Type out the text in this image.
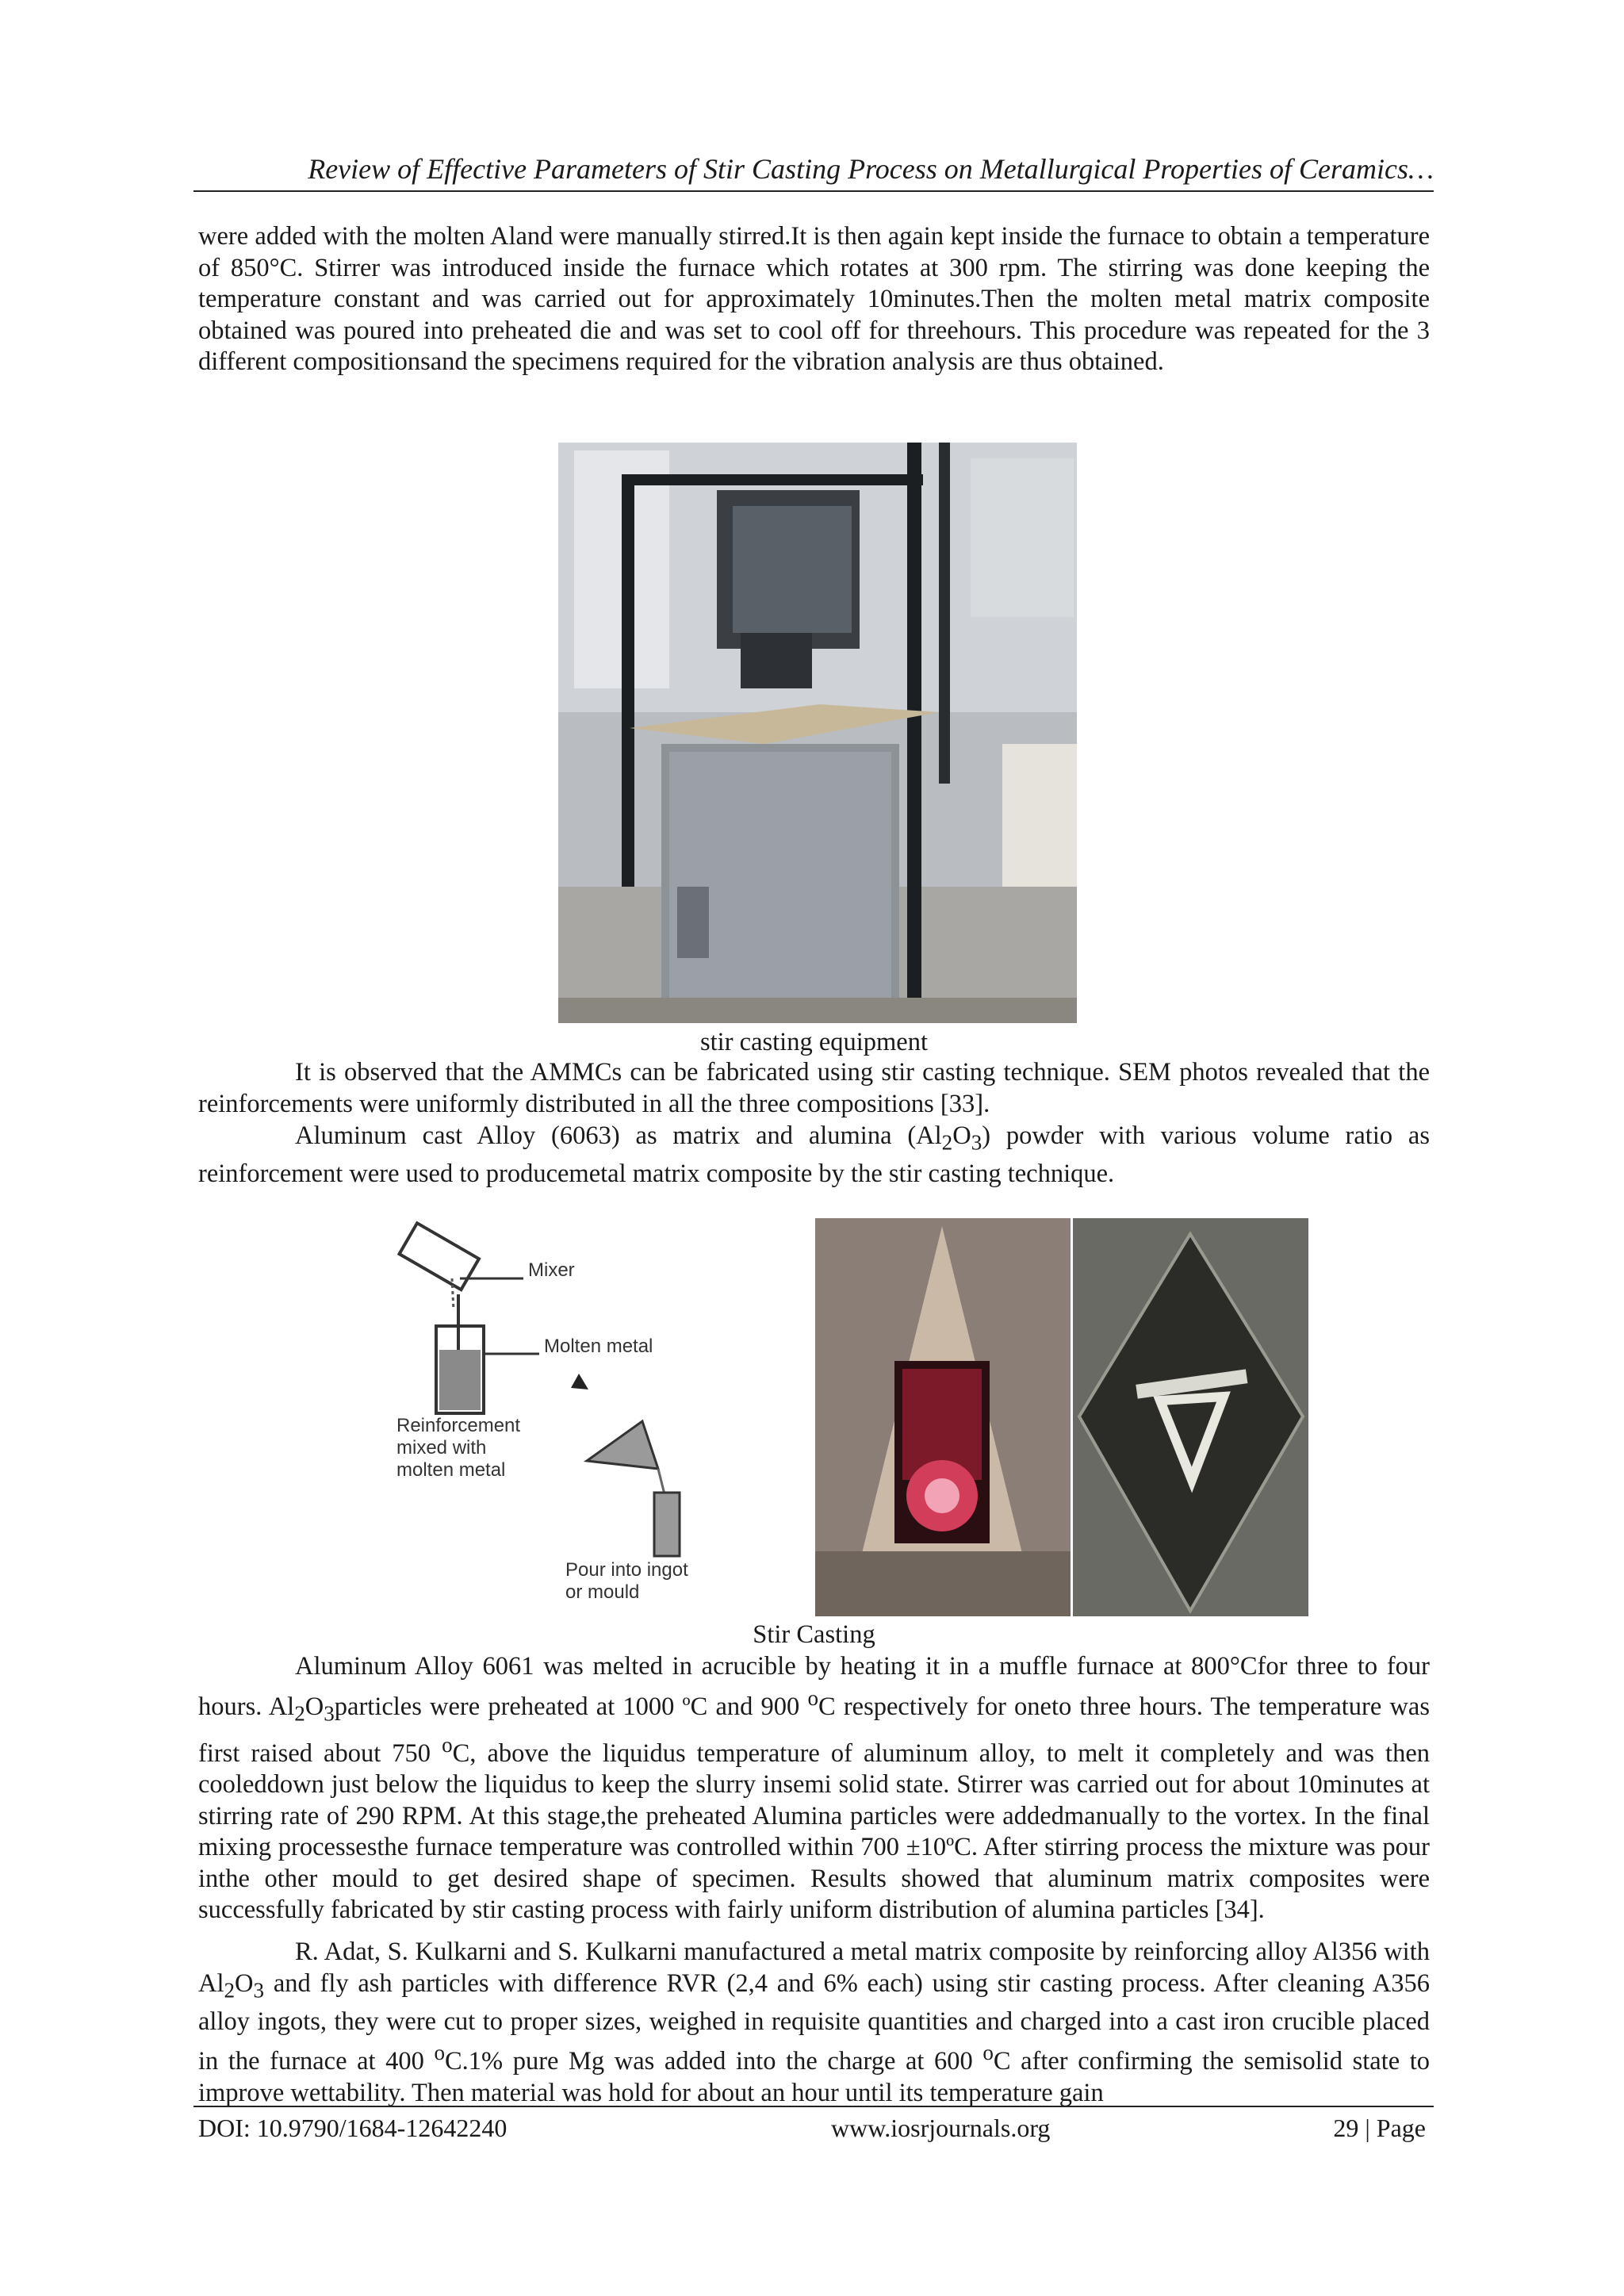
Review of Effective Parameters of Stir Casting Process on Metallurgical Properties of Ceramics…

were added with the molten Aland were manually stirred.It is then again kept inside the furnace to obtain a temperature of 850°C. Stirrer was introduced inside the furnace which rotates at 300 rpm. The stirring was done keeping the temperature constant and was carried out for approximately 10minutes.Then the molten metal matrix composite obtained was poured into preheated die and was set to cool off for threehours. This procedure was repeated for the 3 different compositionsand the specimens required for the vibration analysis are thus obtained.

stir casting equipment

It is observed that the AMMCs can be fabricated using stir casting technique. SEM photos revealed that the reinforcements were uniformly distributed in all the three compositions [33].

Aluminum cast Alloy (6063) as matrix and alumina $(Al_2O_3)$ powder with various volume ratio as reinforcement were used to producemetal matrix composite by the stir casting technique.

Mixer
Molten metal
Reinforcement
mixed with
molten metal
Pour into ingot
or mould
Stir Casting

Aluminum Alloy 6061 was melted in acrucible by heating it in a muffle furnace at 800°Cfor three to four hours. $Al_2O_3particles$ were preheated at 1000 ºC and 900 $^o$C respectively for oneto three hours. The temperature was first raised about 750 $^o$C, above the liquidus temperature of aluminum alloy, to melt it completely and was then cooleddown just below the liquidus to keep the slurry insemi solid state. Stirrer was carried out for about 10minutes at stirring rate of 290 RPM. At this stage,the preheated Alumina particles were addedmanually to the vortex. In the final mixing processesthe furnace temperature was controlled within 700 ±10ºC. After stirring process the mixture was pour inthe other mould to get desired shape of specimen. Results showed that aluminum matrix composites were successfully fabricated by stir casting process with fairly uniform distribution of alumina particles [34].

R. Adat, S. Kulkarni and S. Kulkarni manufactured a metal matrix composite by reinforcing alloy Al356 with $Al_2O_3$ and fly ash particles with difference RVR (2,4 and 6% each) using stir casting process. After cleaning A356 alloy ingots, they were cut to proper sizes, weighed in requisite quantities and charged into a cast iron crucible placed in the furnace at 400 $^o$C.1% pure Mg was added into the charge at 600 $^o$C after confirming the semisolid state to improve wettability. Then material was hold for about an hour until its temperature gain

DOI: 10.9790/1684-12642240	www.iosrjournals.org	29 | Page
